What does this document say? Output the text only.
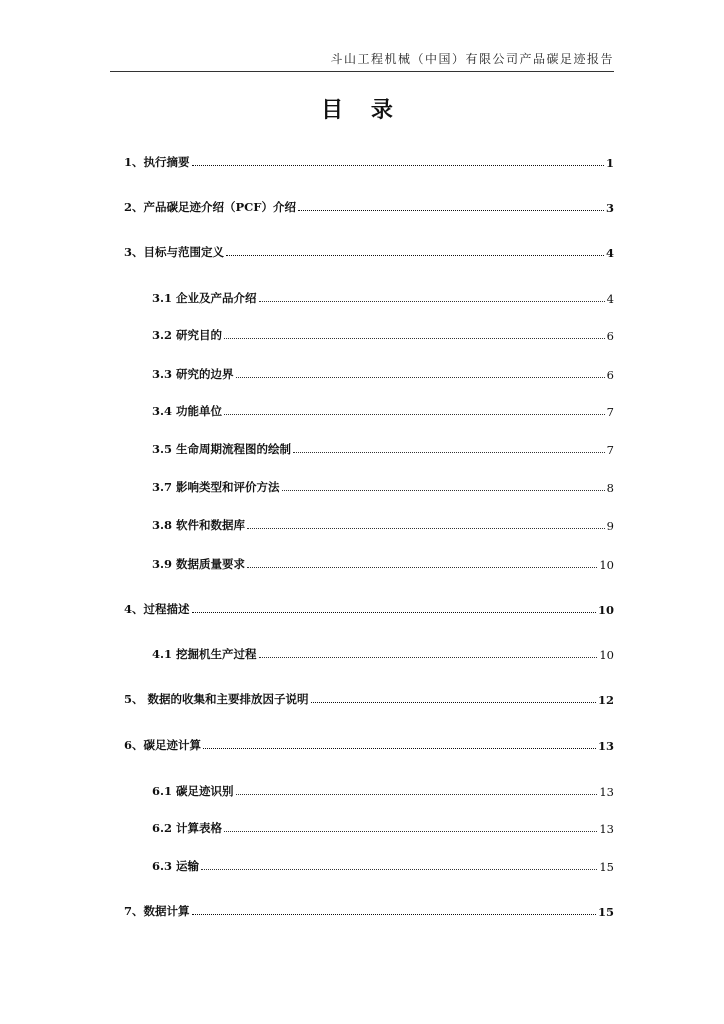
斗山工程机械（中国）有限公司产品碳足迹报告
目 录
1、执行摘要	1
2、产品碳足迹介绍（PCF）介绍	3
3、目标与范围定义	4
3.1 企业及产品介绍	4
3.2 研究目的	6
3.3 研究的边界	6
3.4 功能单位	7
3.5 生命周期流程图的绘制	7
3.7 影响类型和评价方法	8
3.8 软件和数据库	9
3.9 数据质量要求	10
4、过程描述	10
4.1 挖掘机生产过程	10
5、 数据的收集和主要排放因子说明	12
6、碳足迹计算	13
6.1 碳足迹识别	13
6.2 计算表格	13
6.3 运输	15
7、数据计算	15
